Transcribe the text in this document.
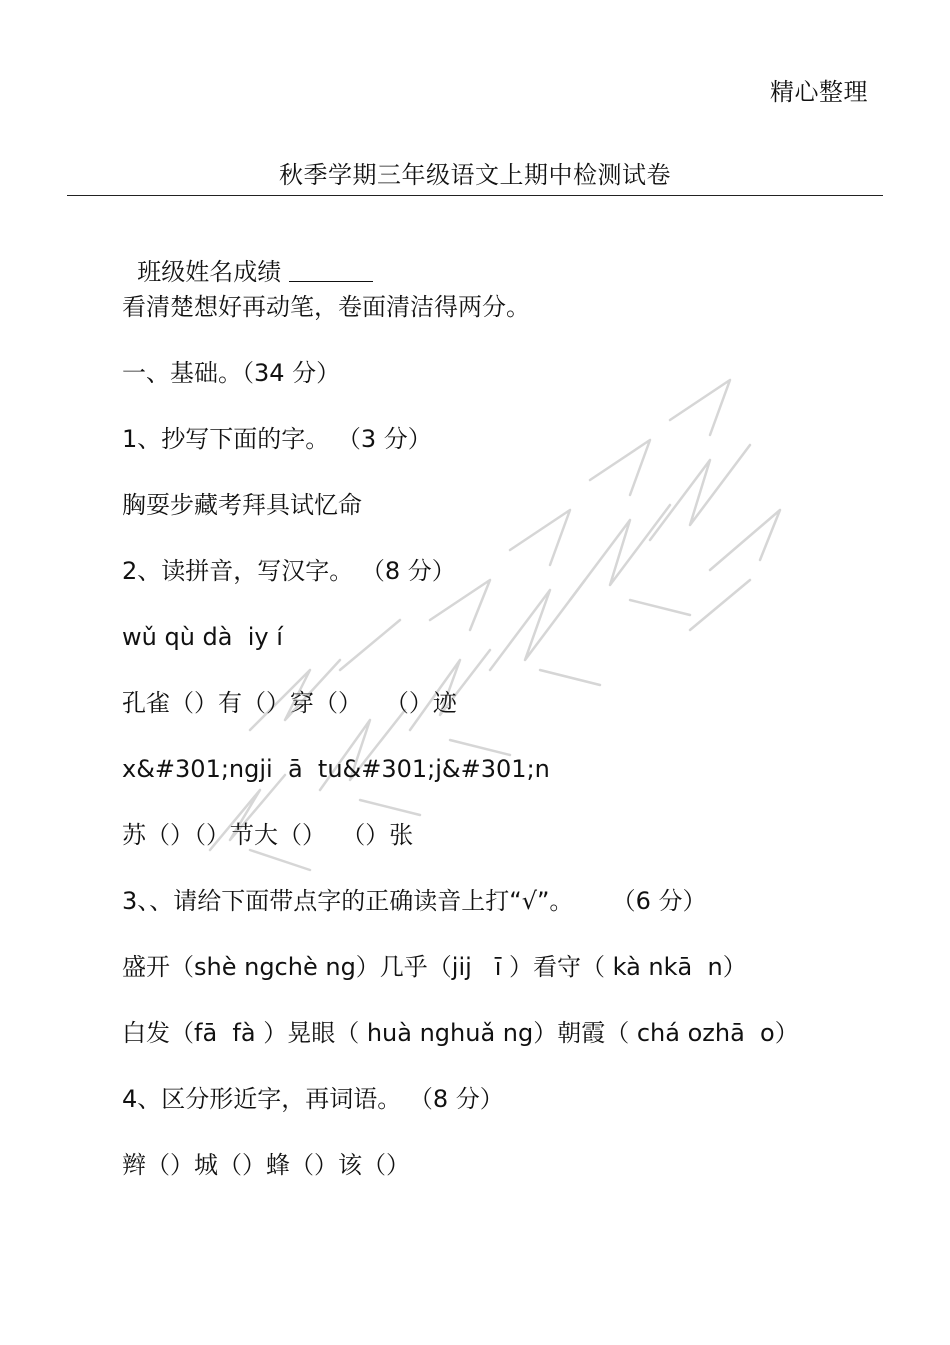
精心整理
秋季学期三年级语文上期中检测试卷

班级姓名成绩

看清楚想好再动笔，卷面清洁得两分。
一、基础。（34 分）
1、抄写下面的字。 （3 分）
胸耍步藏考拜具试忆命
2、读拼音，写汉字。 （8 分）
wǔ qù dà  iy í
孔雀（）有（）穿（）   （）迹
x&#301;ngji  ā  tu&#301;j&#301;n
苏（）（）节大（）  （）张
3、、请给下面带点字的正确读音上打“√”。     （6 分）
盛开（shè ngchè ng）几乎（jij   ī ）看守（ kà nkā  n）
白发（fā  fà ）晃眼（ huà nghuǎ ng）朝霞（ chá ozhā  o）
4、区分形近字，再词语。 （8 分）
辫（）城（）蜂（）该（）
